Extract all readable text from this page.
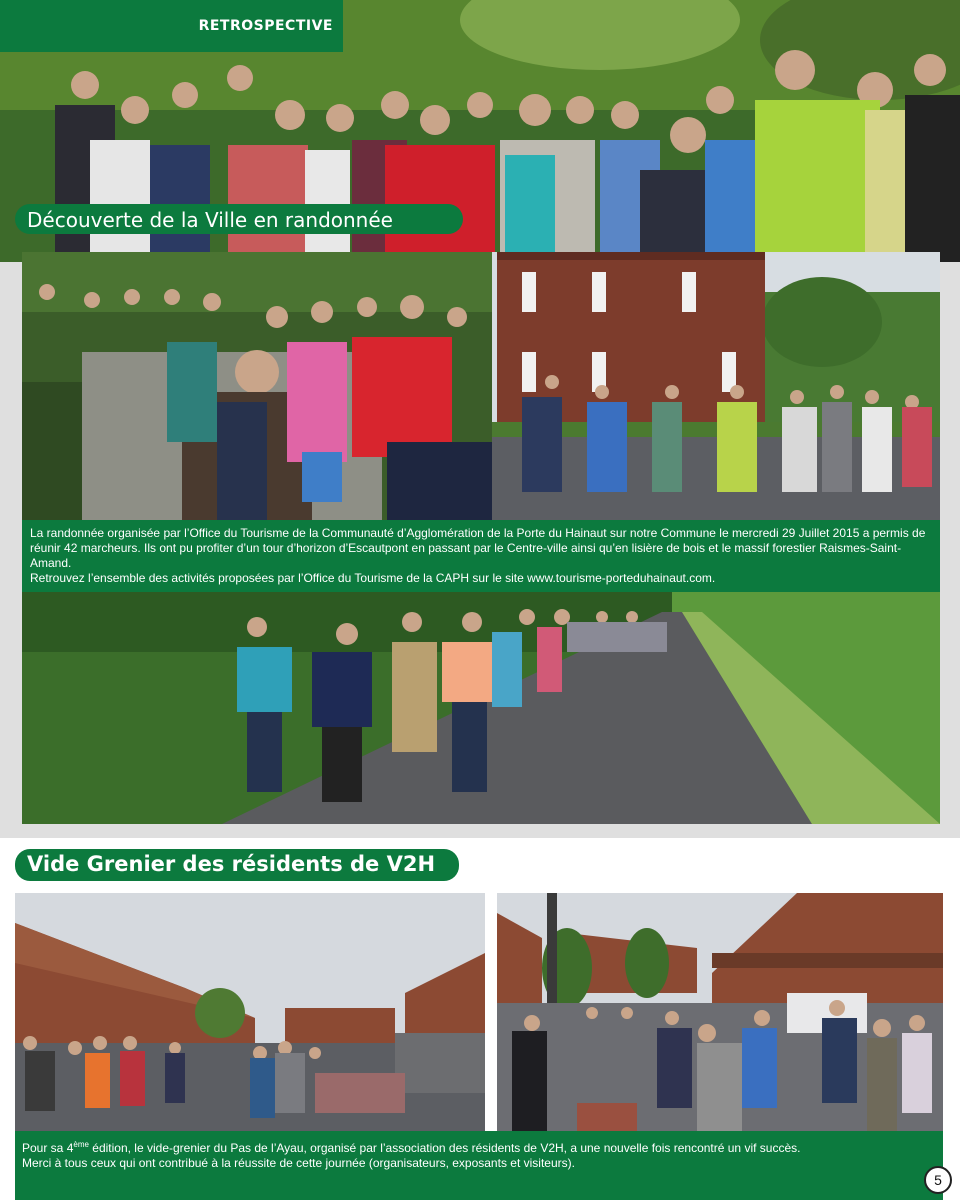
RETROSPECTIVE
Découverte de la Ville en randonnée

La randonnée organisée par l’Office du Tourisme de la Communauté d’Agglomération de la Porte du Hainaut sur notre Commune le mercredi 29 Juillet 2015 a permis de réunir 42 marcheurs. Ils ont pu profiter d’un tour d’horizon d’Escautpont en passant par le Centre-ville ainsi qu’en lisière de bois et le massif forestier Raismes-Saint-Amand.

Retrouvez l’ensemble des activités proposées par l’Office du Tourisme de la CAPH sur le site www.tourisme-porteduhainaut.com.

Vide Grenier des résidents de V2H

Pour sa 4ème édition, le vide-grenier du Pas de l’Ayau, organisé par l’association des résidents de V2H, a une nouvelle fois rencontré un vif succès.

Merci à tous ceux qui ont contribué à la réussite de cette journée (organisateurs, exposants et visiteurs).

5
